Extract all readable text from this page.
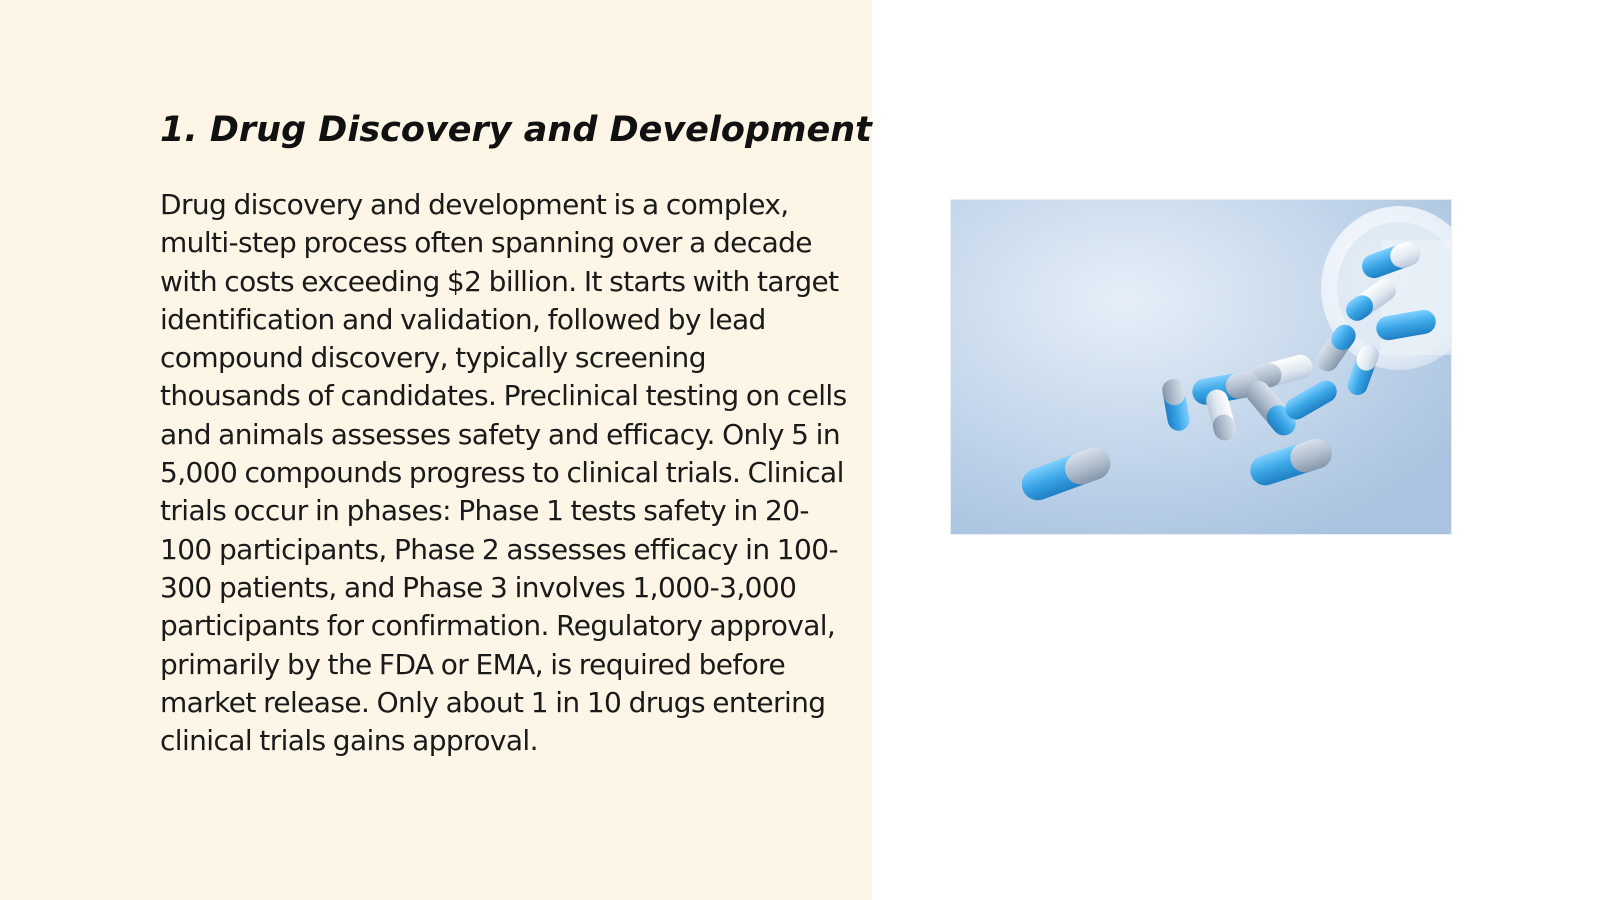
1. Drug Discovery and Development

Drug discovery and development is a complex, multi-step process often spanning over a decade with costs exceeding $2 billion. It starts with target identification and validation, followed by lead compound discovery, typically screening thousands of candidates. Preclinical testing on cells and animals assesses safety and efficacy. Only 5 in 5,000 compounds progress to clinical trials. Clinical trials occur in phases: Phase 1 tests safety in 20-100 participants, Phase 2 assesses efficacy in 100-300 patients, and Phase 3 involves 1,000-3,000 participants for confirmation. Regulatory approval, primarily by the FDA or EMA, is required before market release. Only about 1 in 10 drugs entering clinical trials gains approval.
